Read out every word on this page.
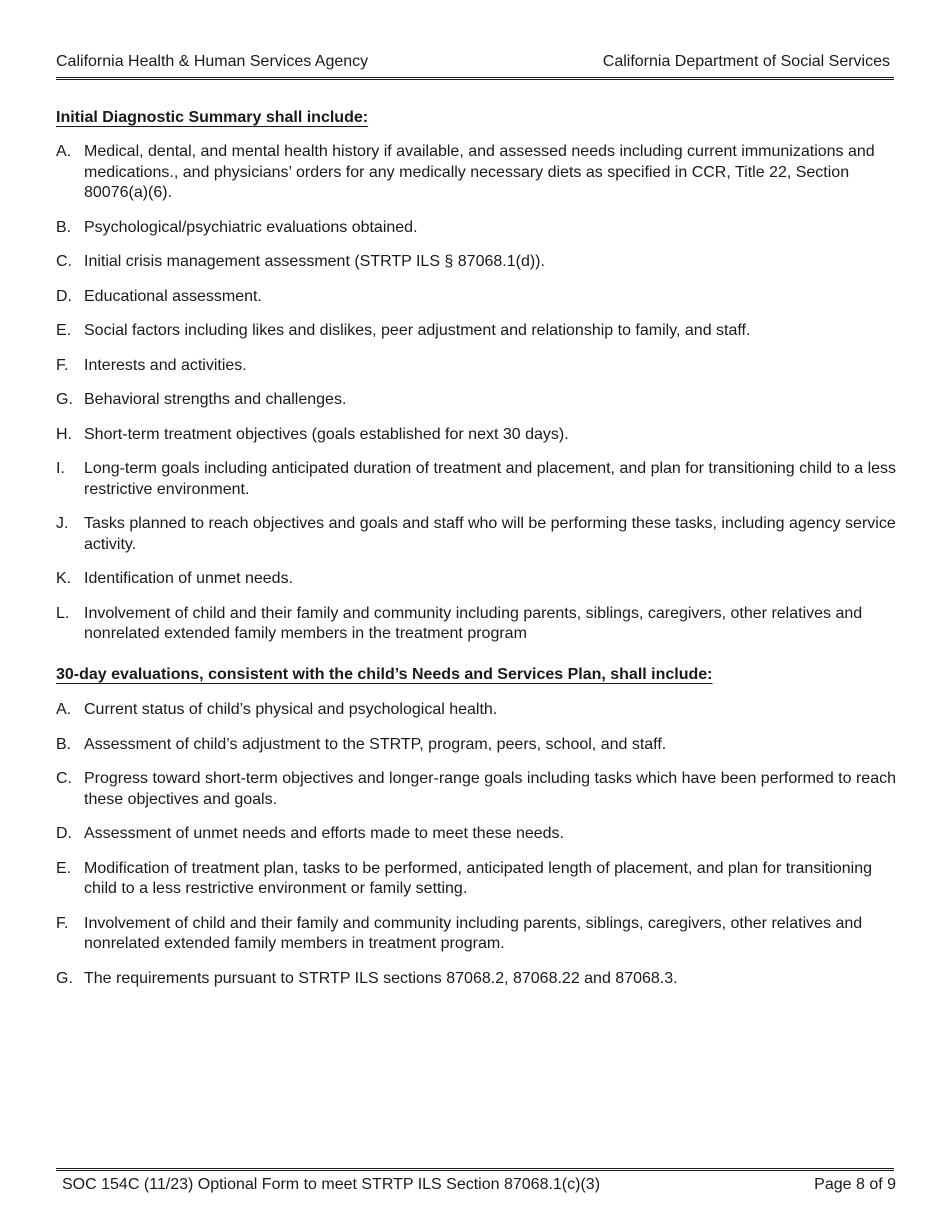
California Health & Human Services Agency	California Department of Social Services
Initial Diagnostic Summary shall include:
A. Medical, dental, and mental health history if available, and assessed needs including current immunizations and medications., and physicians’ orders for any medically necessary diets as specified in CCR, Title 22, Section 80076(a)(6).
B. Psychological/psychiatric evaluations obtained.
C. Initial crisis management assessment (STRTP ILS § 87068.1(d)).
D. Educational assessment.
E. Social factors including likes and dislikes, peer adjustment and relationship to family, and staff.
F. Interests and activities.
G. Behavioral strengths and challenges.
H. Short-term treatment objectives (goals established for next 30 days).
I.	Long-term goals including anticipated duration of treatment and placement, and plan for transitioning child to a less restrictive environment.
J. Tasks planned to reach objectives and goals and staff who will be performing these tasks, including agency service activity.
K. Identification of unmet needs.
L. Involvement of child and their family and community including parents, siblings, caregivers, other relatives and nonrelated extended family members in the treatment program
30-day evaluations, consistent with the child’s Needs and Services Plan, shall include:
A. Current status of child’s physical and psychological health.
B. Assessment of child’s adjustment to the STRTP, program, peers, school, and staff.
C. Progress toward short-term objectives and longer-range goals including tasks which have been performed to reach these objectives and goals.
D. Assessment of unmet needs and efforts made to meet these needs.
E. Modification of treatment plan, tasks to be performed, anticipated length of placement, and plan for transitioning child to a less restrictive environment or family setting.
F. Involvement of child and their family and community including parents, siblings, caregivers, other relatives and nonrelated extended family members in treatment program.
G. The requirements pursuant to STRTP ILS sections 87068.2, 87068.22 and 87068.3.
SOC 154C (11/23) Optional Form to meet STRTP ILS Section 87068.1(c)(3)	Page 8 of 9
